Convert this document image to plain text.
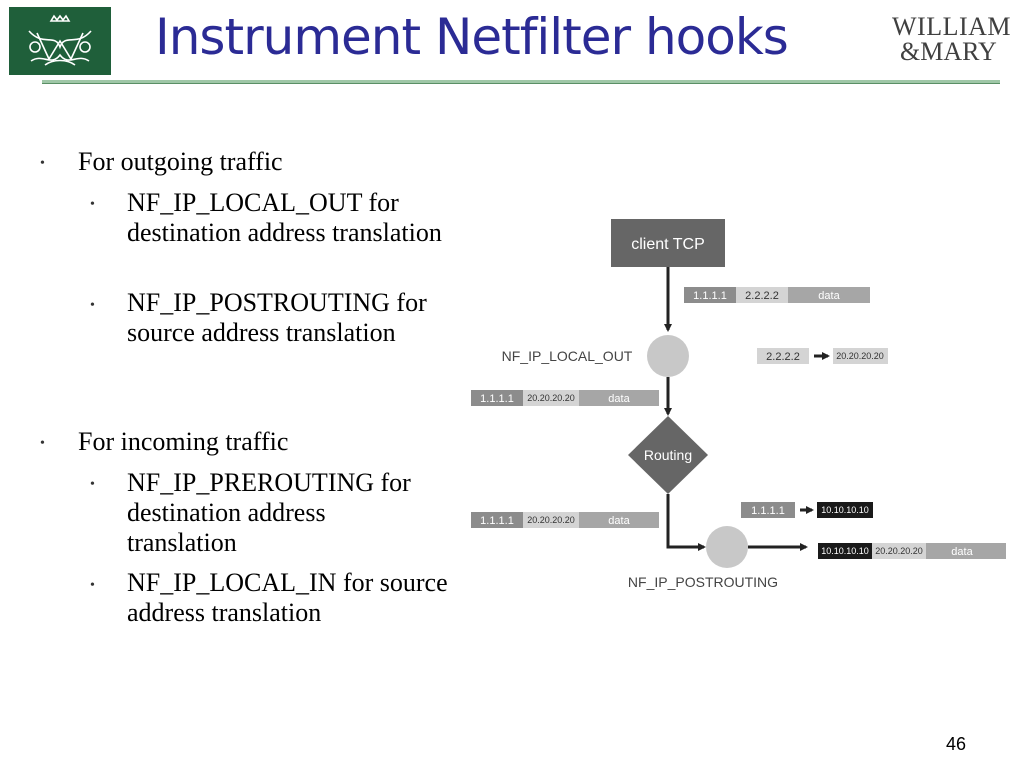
Instrument Netfilter hooks	WILLIAM
&MARY
• For outgoing traffic
• NF_IP_LOCAL_OUT for destination address translation
• NF_IP_POSTROUTING for source address translation
• For incoming traffic
• NF_IP_PREROUTING for destination address translation
• NF_IP_LOCAL_IN for source address translation
client TCP
1.1.1.1 2.2.2.2	data
NF_IP_LOCAL_OUT	2.2.2.2	20.20.20.20
1.1.1.1 20.20.20.20	data
Routing
1.1.1.1 20.20.20.20	data
1.1.1.1	10.10.10.10
NF_IP_POSTROUTING
10.10.10.10 20.20.20.20	data
46
